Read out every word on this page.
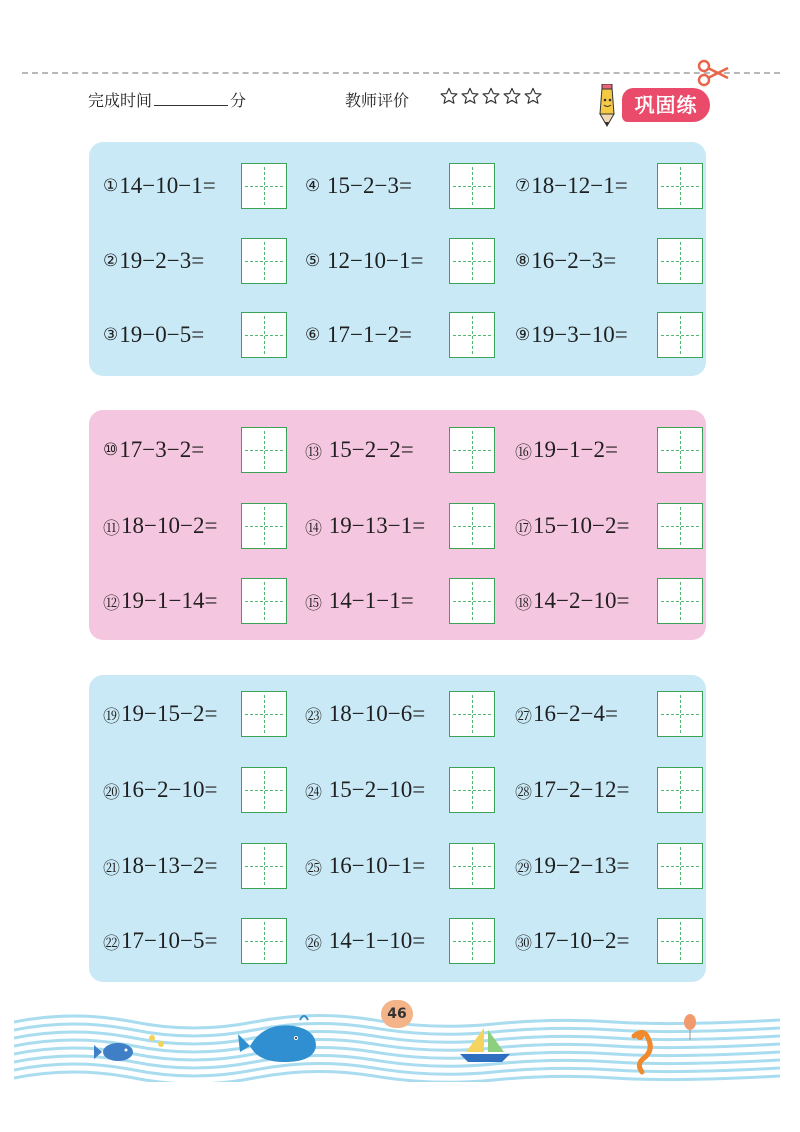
完成时间	分	教师评价	巩固练
① 14−10−1=
② 19−2−3=
③ 19−0−5=
④ 15−2−3=
⑤ 12−10−1=
⑥ 17−1−2=
⑦ 18−12−1=
⑧ 16−2−3=
⑨ 19−3−10=
⑩ 17−3−2=
⑪ 18−10−2=
⑫ 19−1−14=
⑬ 15−2−2=
⑭ 19−13−1=
⑮ 14−1−1=
⑯ 19−1−2=
⑰ 15−10−2=
⑱ 14−2−10=
⑲ 19−15−2=
⑳ 16−2−10=
㉑ 18−13−2=
㉒ 17−10−5=
㉓ 18−10−6=
㉔ 15−2−10=
㉕ 16−10−1=
㉖ 14−1−10=
㉗ 16−2−4=
㉘ 17−2−12=
㉙ 19−2−13=
㉚ 17−10−2=
46
